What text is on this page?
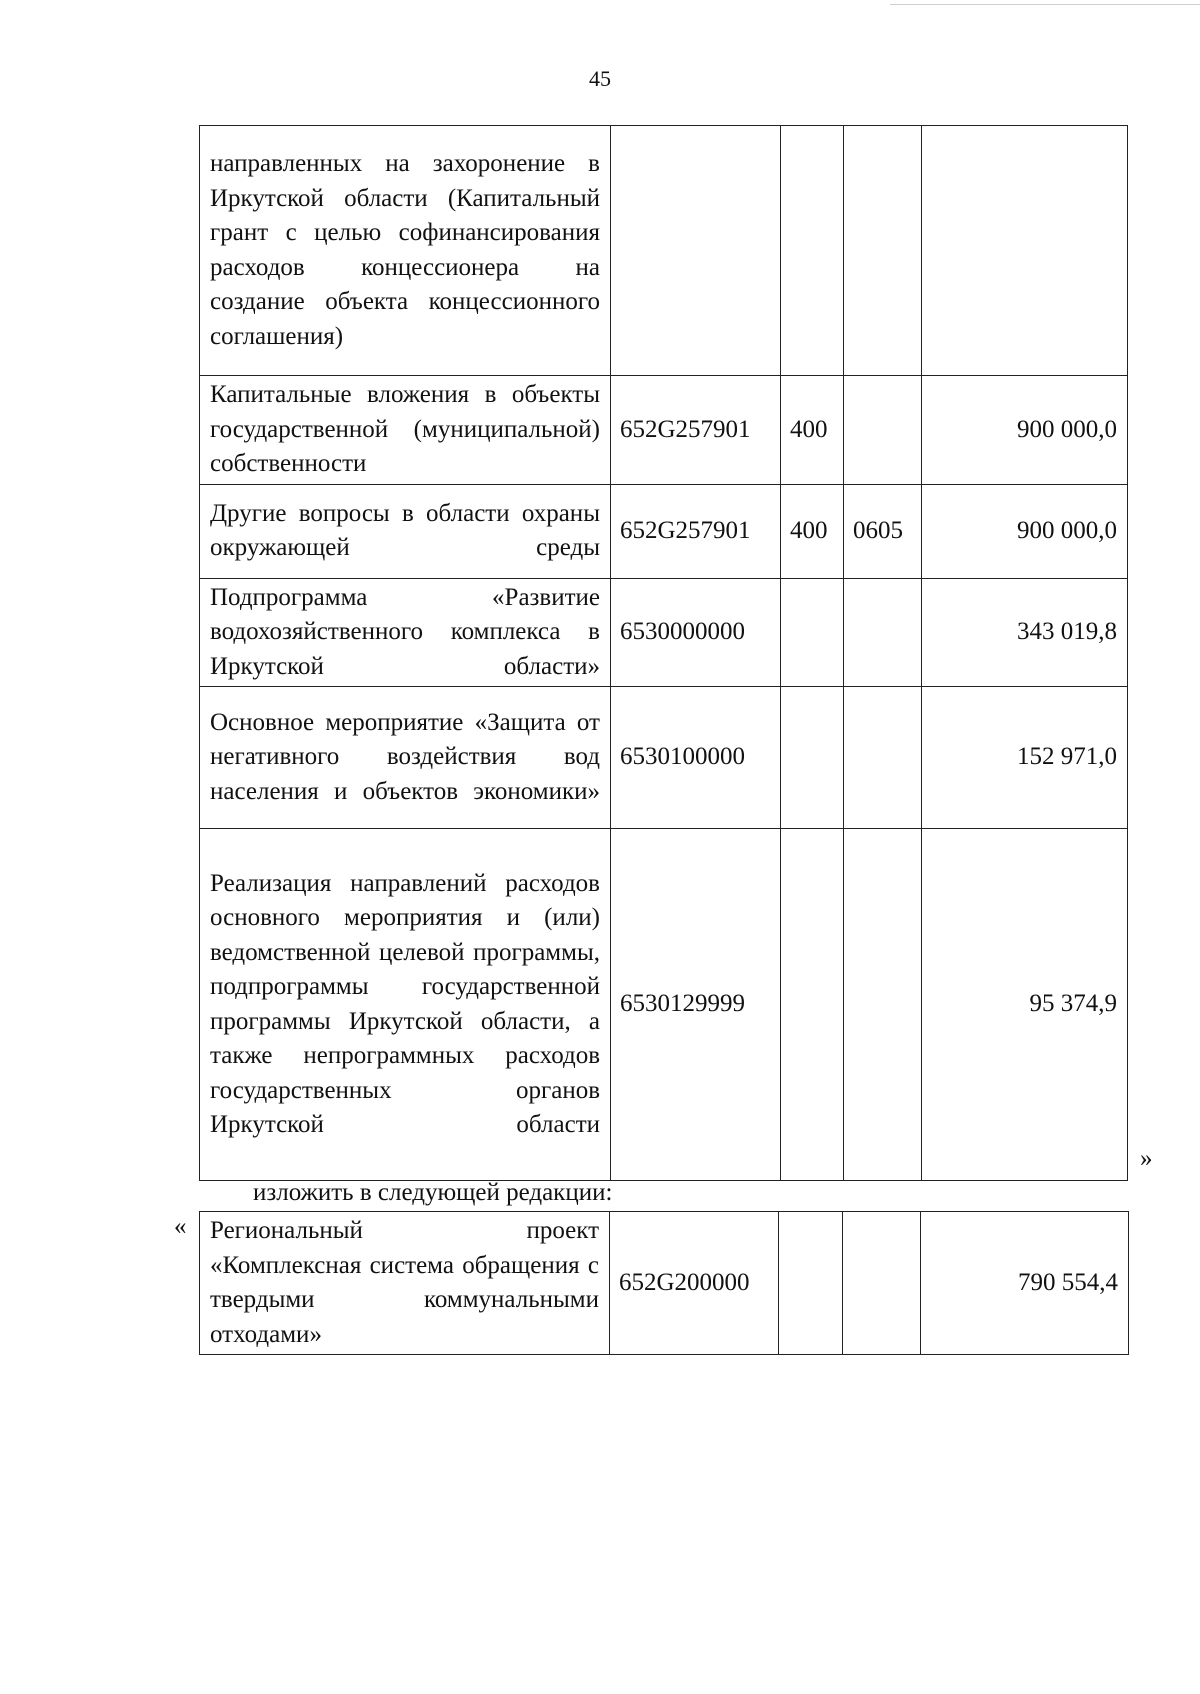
45
направленных на захоронение в Иркутской области (Капитальный грант с целью софинансирования расходов концессионера на создание объекта концессионного соглашения)				
Капитальные вложения в объекты государственной (муниципальной) собственности	652G257901	400		900 000,0
Другие вопросы в области охраны окружающей среды	652G257901	400	0605	900 000,0
Подпрограмма «Развитие водохозяйственного комплекса в Иркутской области»	6530000000			343 019,8
Основное мероприятие «Защита от негативного воздействия вод населения и объектов экономики»	6530100000			152 971,0
Реализация направлений расходов основного мероприятия и (или) ведомственной целевой программы, подпрограммы государственной программы Иркутской области, а также непрограммных расходов государственных органов Иркутской области	6530129999			95 374,9
»
изложить в следующей редакции:
« Региональный проект «Комплексная система обращения с твердыми коммунальными отходами»	652G200000			790 554,4
